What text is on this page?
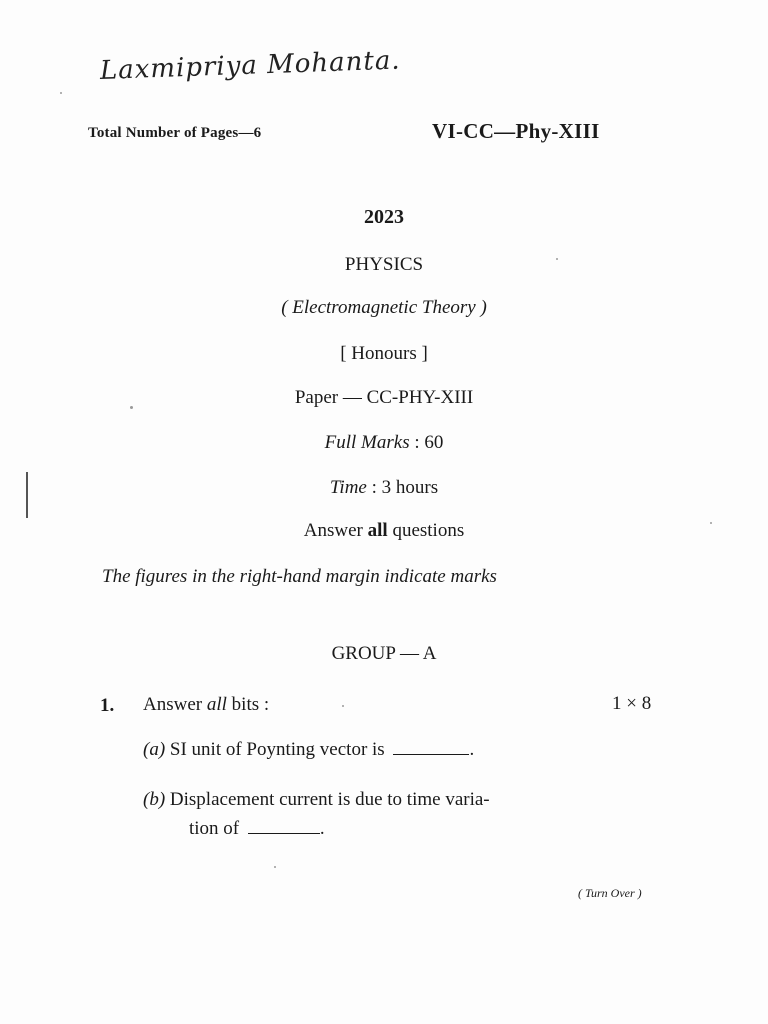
Laxmipriya Mohanta.
Total Number of Pages—6	VI-CC—Phy-XIII
2023
PHYSICS
( Electromagnetic Theory )
[ Honours ]
Paper — CC-PHY-XIII
Full Marks : 60
Time : 3 hours
Answer all questions
The figures in the right-hand margin indicate marks
GROUP — A
1. Answer all bits :	1 × 8
(a) SI unit of Poynting vector is	.
(b) Displacement current is due to time varia-
tion of	.
( Turn Over )
